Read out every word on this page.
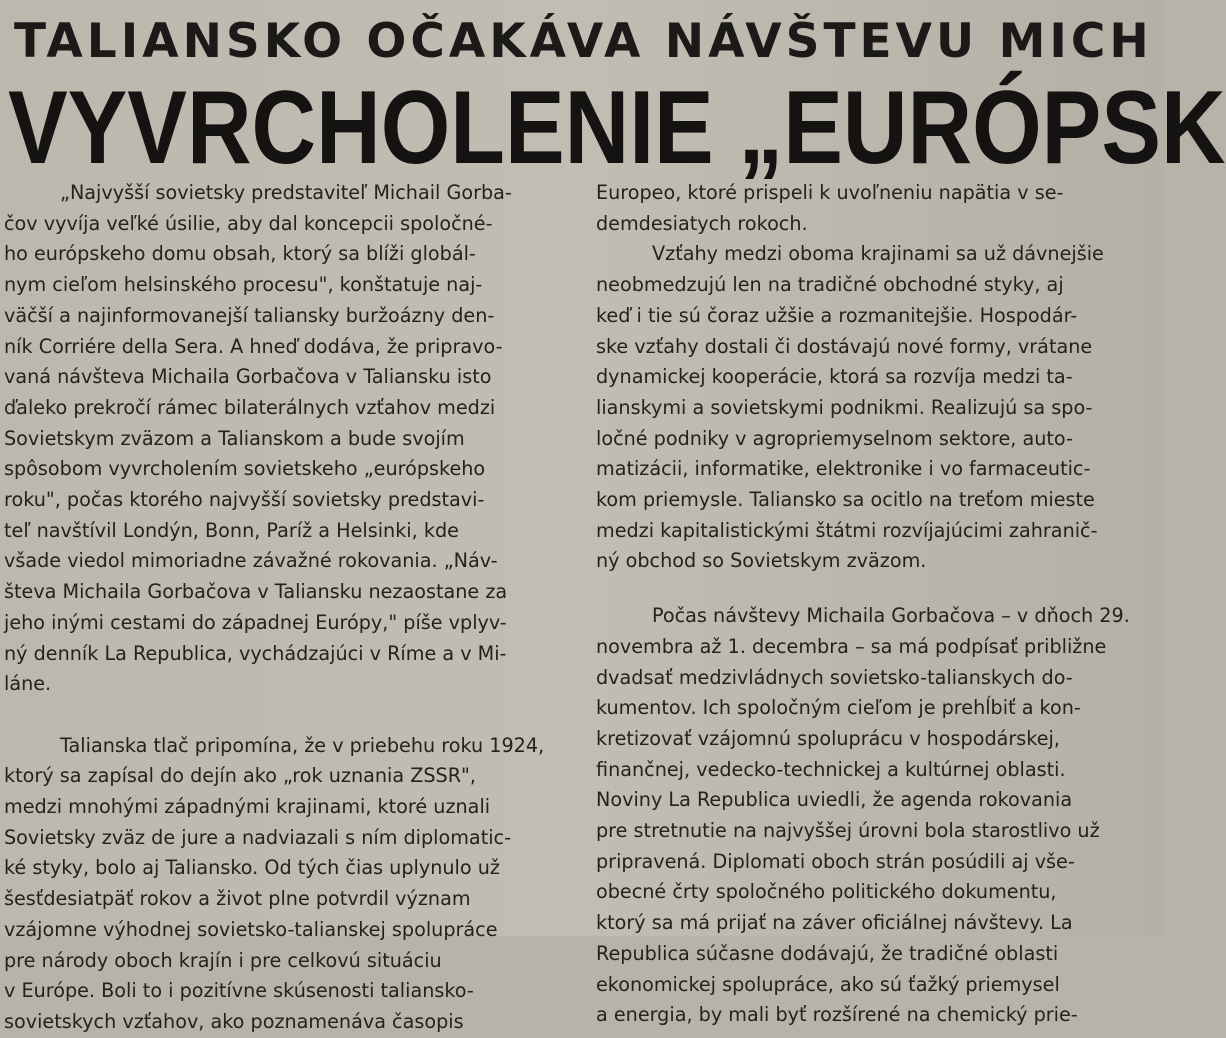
TALIANSKO OČAKÁVA NÁVŠTEVU MICH
VYVRCHOLENIE „EURÓPSK

„Najvyšší sovietsky predstaviteľ Michail Gorba-
čov vyvíja veľké úsilie, aby dal koncepcii spoločné-
ho európskeho domu obsah, ktorý sa blíži globál-
nym cieľom helsinského procesu", konštatuje naj-
väčší a najinformovanejší taliansky buržoázny den-
ník Corriére della Sera. A hneď dodáva, že pripravo-
vaná návšteva Michaila Gorbačova v Taliansku isto
ďaleko prekročí rámec bilaterálnych vzťahov medzi
Sovietskym zväzom a Talianskom a bude svojím
spôsobom vyvrcholením sovietskeho „európskeho
roku", počas ktorého najvyšší sovietsky predstavi-
teľ navštívil Londýn, Bonn, Paríž a Helsinki, kde
všade viedol mimoriadne závažné rokovania. „Náv-
števa Michaila Gorbačova v Taliansku nezaostane za
jeho inými cestami do západnej Európy," píše vplyv-
ný denník La Republica, vychádzajúci v Ríme a v Mi-
láne.

Talianska tlač pripomína, že v priebehu roku 1924,
ktorý sa zapísal do dejín ako „rok uznania ZSSR",
medzi mnohými západnými krajinami, ktoré uznali
Sovietsky zväz de jure a nadviazali s ním diplomatic-
ké styky, bolo aj Taliansko. Od tých čias uplynulo už
šesťdesiatpäť rokov a život plne potvrdil význam
vzájomne výhodnej sovietsko-talianskej spolupráce
pre národy oboch krajín i pre celkovú situáciu
v Európe. Boli to i pozitívne skúsenosti taliansko-
sovietskych vzťahov, ako poznamenáva časopis

Europeo, ktoré prispeli k uvoľneniu napätia v se-
demdesiatych rokoch.

Vzťahy medzi oboma krajinami sa už dávnejšie
neobmedzujú len na tradičné obchodné styky, aj
keď i tie sú čoraz užšie a rozmanitejšie. Hospodár-
ske vzťahy dostali či dostávajú nové formy, vrátane
dynamickej kooperácie, ktorá sa rozvíja medzi ta-
lianskymi a sovietskymi podnikmi. Realizujú sa spo-
ločné podniky v agropriemyselnom sektore, auto-
matizácii, informatike, elektronike i vo farmaceutic-
kom priemysle. Taliansko sa ocitlo na treťom mieste
medzi kapitalistickými štátmi rozvíjajúcimi zahranič-
ný obchod so Sovietskym zväzom.

Počas návštevy Michaila Gorbačova – v dňoch 29.
novembra až 1. decembra – sa má podpísať približne
dvadsať medzivládnych sovietsko-talianskych do-
kumentov. Ich spoločným cieľom je prehĺbiť a kon-
kretizovať vzájomnú spoluprácu v hospodárskej,
finančnej, vedecko-technickej a kultúrnej oblasti.
Noviny La Republica uviedli, že agenda rokovania
pre stretnutie na najvyššej úrovni bola starostlivo už
pripravená. Diplomati oboch strán posúdili aj vše-
obecné črty spoločného politického dokumentu,
ktorý sa má prijať na záver oficiálnej návštevy. La
Republica súčasne dodávajú, že tradičné oblasti
ekonomickej spolupráce, ako sú ťažký priemysel
a energia, by mali byť rozšírené na chemický prie-
